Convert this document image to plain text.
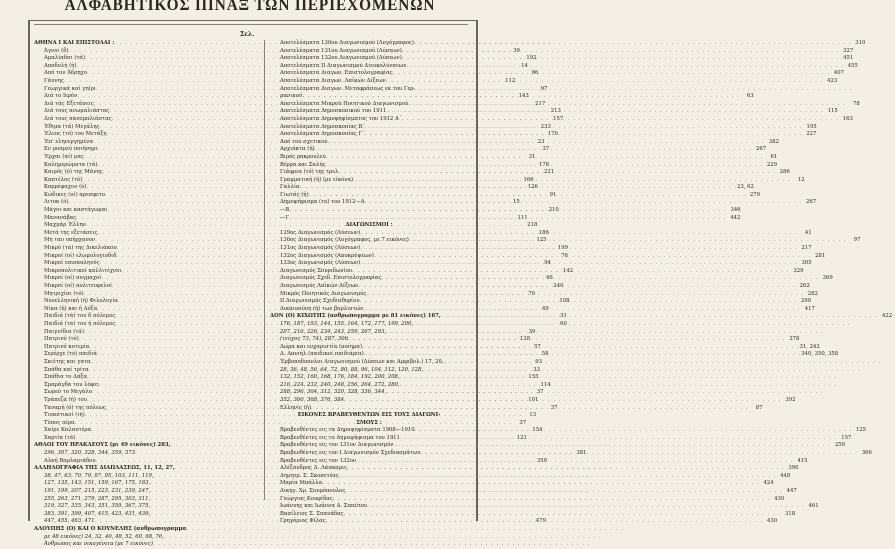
ΑΛΦΑΒΗΤΙΚΟΣ ΠΙΝΑΞ ΤΩΝ ΠΕΡΙΕΧΟΜΕΝΩΝ
Σελ.
ΑΘΗΝΑ Ι ΚΑΙ ΕΠΙΣΤΟΛΑΙ :
. . .
Άγνοι (δ) . . .	39
Αμαλίαδαι (τά) . . .	192
Αποδολή (ή) . . .	14
Από τον Άδρηχο . . .	86
Γάννης . . .	112
Γεωργικά καί γηίρι . . .	97
Διά το Ιερόν . . .	143
Διά τάς Εξετάσεις . . .	217
Διά τους ανωμαλιάστας . . .	213
Διά τους πανομαλιάστας . . .	157
Έθιμα (τά) Μεγάλης . . .	233
Έλεος (τό) του Μετάξη . . .	170
Έπ' εληνεργημένα . . .	23
Εν ρυαμεύ ποιήσηρι . . .	37
Έρχαι (αί) μας . . .	31
Καλημερώματα (τά) . . .	178
Καιρός (ό) της Μάνης . . .	221
Καπτέλος (τό) . . .	166
Καρρέφαχον (ό) . . .	126
Κώδικες (οί) αρεσφετο . . .	91
Λιτοκ (ό) . . .	15
Μάγοι και καστάγωμαι . . .	210
Μανανάβας . . .	111
Μαχμάρ Έλλην . . .	218
Μετά της εξετάσεις . . .	186
Μη ταυ υπήρχανον . . .	125
Μικρό (τα) της Δικελιάκου . . .	199
Μικροί (οί) ελωμολογιοδιδ . . .	76
Μικροί επισκαληνός . . .	94
Μικροπολιτικοί καλλιτέχνοι . . .	142
Μικροί (οί) πυγμαχοί . . .	46
Μικροί (οί) πολιτευφελοί . . .	240
Μητριχίαι (τό) . . .	70
Νεοελληνική (ή) Φιλολογία . . .	108
Νίκα (ή) και ή Δόξα . . .	49
Παιδιά (τά) του δ πόλεμος . . .	31
Παιδιά (τα) του ή πόλεμος . . .	60
Παιγνίδια (τά) . . .	39
Πατρινό (τό) . . .	128
Πατρινό κοτερία . . .	57
Σερέρχε (τό) παιδιά . . .	58
Σκιέτης και γατα . . .	93
Σπάθα καί τρίτα . . .	33
Σπάθια το Δάξα . . .	155
Σμαράγδα του λόφει . . .	114
Σωρεό το Μεγάλο . . .	37
Τράπεζα (ή) του . . .	101
Ταναμή (ό) της πόλεως . . .	37
Τιοαστικοί (ιή) . . .	13
Τύπος οέρα . . .	37
Χαίρε Καλαυτέρα . . .	154
Χαρτία (τά) . . .	121
ΑΘΛΟΙ ΤΟΥ ΗΡΑΚΛΕΟΥΣ (μι 49 εικόνες) 283,
. . .
296, 307, 320, 328, 344, 359, 373 . . .	381
Αλκή Βαρλαμιάδου . . .	359
ΑΛΛΗΛΟΓΡΑΦΙΑ ΤΗΣ ΔΙΑΠΛΑΣΕΩΣ, 11, 12, 27,
. . .
38, 47, 63, 70, 79, 87, 95, 103, 111, 119,
. . .
127, 135, 143, 151, 159, 167, 175, 183,
. . .
191, 199, 207, 215, 223, 231, 239, 247,
. . .
255, 263, 271, 279, 287, 295, 303, 311,
. . .
319, 327, 335, 343, 351, 359, 367, 375,
. . .
383, 391, 399, 407, 415, 423, 431, 439,
. . .
447, 455, 463, 471 . . .	479
ΑΛΟΥΠΗΣ (Ο) ΚΑΙ Ο ΚΟΥΝΕΛΗΣ (ανθρωπογραμμα
. . .
με 48 εικόνες) 24, 32, 40, 48, 52, 60, 68, 76,
. . .
Άνθρωπος και οικογένεια (με 7 εικόνες)
. . .
Αποτελέσματα 130ου Διαγωνισμού (Λογόγραφος) . . .	310
Αποτελέσματα 131ου Διαγωνισμού (Λύσεων) . . .	327
Αποτελέσματα 132ου Διαγωνισμού (Λύσεων) . . .	451
Αποτελέσματα ΙΙ Διαγωνισμού Διευκολύνσεων . . .	455
Αποτελέσματα Διαγων. Επιστολογραφίας . . .	407
Αποτελέσματα Διαγων. Λαϊκών Δίξεων . . .	423
Αποτελέσματα Διαγων. Μεταφράσεως εκ του Γερ-
. . .
μανικού . . .	63
Αποτελέσματα Μικρού Ποιητικού Διαγωνισμού . . .	78
Αποτελέσματα Δημοσκοπικού του 1911 . . .	115
Αποτελέσματα Δημοφηφίσματος του 1912 Α΄ . . .	163
Αποτελέσματα Δημοσκοπίας Β΄ . . .	195
Αποτελέσματα Δημοσκοπίας Γ΄ . . .	227
Από του σχετικού . . .	382
Αρχιάκτα (ή) . . .	267
Βιρός ρακρουλεύ . . .	61
Βέρρα και Σαλής . . .	229
Γιάφρια (τό) της τρελ . . .	286
Γραμματική (ή) (με είκόνα) . . .	12
Γαλλία . . .	23, 62
Γιωτάς (ή) . . .	279
Δημοψήφισμα (το) του 1912—Α . . .	267
—Β . . .	346
—Γ . . .	442
ΔΙΑΓΩΝΙΣΜΟΙ :
129ος Διαγωνισμός (Λύσεων) . . .	41
130ος Διαγωνισμός (Λογόγραφος, με 7 εικόνες) . . .	97
131ος Διαγωνισμός (Λύσεων) . . .	217
132ος Διαγωνισμός (Αποκρύψεων) . . .	281
133ος Διαγωνισμός (Λύσεων) . . .	305
Διαγωνισμός Σπυριδωνίου . . .	329
Διαγωνισμός Σχεδ. Επιστολογραφίας . . .	369
Διαγωνισμός Λαϊκών Δίξεων . . .	262
Μικρός Ποιητικός Διαγωνισμός . . .	282
ΙΙ Διαγωνισμός Σχεδιαθορίου . . .	299
Δικαιοσύνη (ή) των βαρλιστών . . .	417
ΔΟΝ (Ο) ΚΙΧΩΤΗΣ (ανθρωπογραμμα με 81 εικόνες) 167, . . .	422
176, 187, 193, 144, 155, 164, 172, 177, 199, 200,
. . .
207, 216, 226, 234, 243, 259, 267, 293,
. . .
(τεύχος 73, 74), 287, 306 . . .	278
Δώρα και ευχαριστία (ποίημα) . . .	31, 242
Δ. Δανιήλ (παιδικοί παιδιάρια) . . .	340, 350, 358
Έρβοποδοπολοι Διαγωνισμού (Λύσεων και Αμφιβολ.) 17, 20,
. . .
28, 36, 48, 56, 64, 72, 80, 88, 96, 104, 112, 120, 128,
. . .
132, 152, 160, 168, 176, 184, 192, 200, 208,
. . .
216, 224, 232, 240, 248, 256, 264, 272, 280,
. . .
288, 296, 304, 312, 320, 328, 336, 344,
. . .
352, 360, 368, 376, 384 . . .	392
Ελληνίς (ή) . . .	87
ΕΙΚΟΝΕΣ ΒΡΑΒΕΥΘΕΝΤΩΝ ΕΙΣ ΤΟΥΣ ΔΙΑΓΩΝΙ-
ΣΜΟΥΣ :
Βραβευθέντες εις τα Δημοψηφίσματα 1908—1910 . . .	125
Βραβευθέντες εις το Δημοψήφισμα του 1911 . . .	157
Βραβευθέντες εις τον 131ον Διαγωνισμόν . . .	259
Βραβευθέντες εις τον I Διαγωνισμόν Σχεδιασμάτων . . .	366
Βραβευθέντες εις τον 132ον . . .	415
Αλέξανδρος Δ. Λάσκαρις . . .	390
Δημητρ. Σ. Σκοπετέας . . .	448
Μαρία Μπάλλα . . .	424
Δικηγ. Χρ. Σπυρόπουλος . . .	447
Γεώργιος Κουφίδας . . .	430
Ιωάννης και Ιωάννα Α. Σπαύτου . . .	461
Βασίλειος Σ. Σπανάδας . . .	318
Γρηγόριος Φίλας . . .	430
